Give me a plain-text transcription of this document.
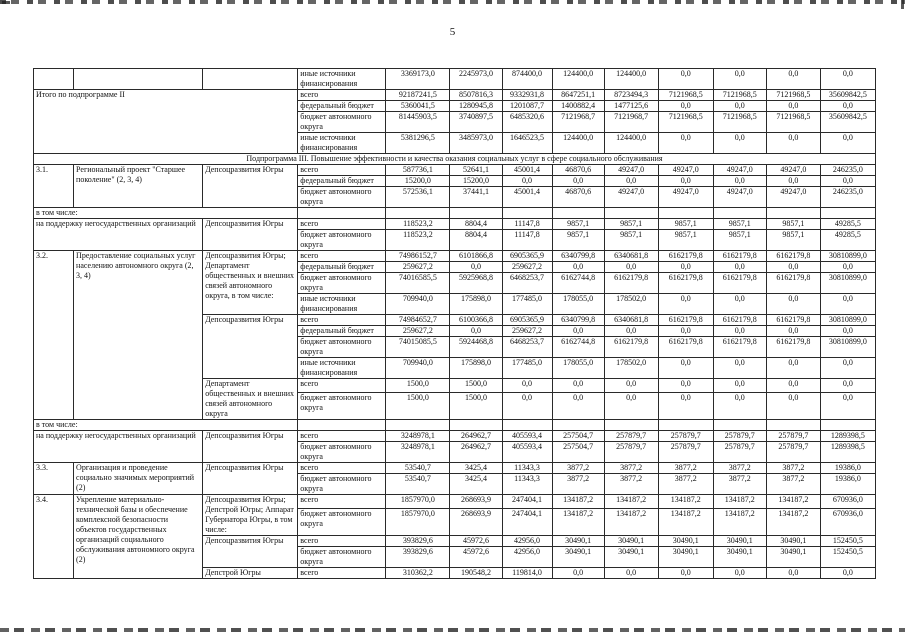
5
			иные источники финансирования	3369173,0	2245973,0	874400,0	124400,0	124400,0	0,0	0,0	0,0	0,0
Итого по подпрограмме II			всего	92187241,5	8507816,3	9332931,8	8647251,1	8723494,3	7121968,5	7121968,5	7121968,5	35609842,5
			федеральный бюджет	5360041,5	1280945,8	1201087,7	1400882,4	1477125,6	0,0	0,0	0,0	0,0
			бюджет автономного округа	81445903,5	3740897,5	6485320,6	7121968,7	7121968,7	7121968,5	7121968,5	7121968,5	35609842,5
			иные источники финансирования	5381296,5	3485973,0	1646523,5	124400,0	124400,0	0,0	0,0	0,0	0,0
Подпрограмма III. Повышение эффективности и качества оказания социальных услуг в сфере социального обслуживания												
3.1.	Региональный проект "Старшее поколение" (2, 3, 4)	Депсоцразвития Югры	всего	587736,1	52641,1	45001,4	46870,6	49247,0	49247,0	49247,0	49247,0	246235,0
			федеральный бюджет	15200,0	15200,0	0,0	0,0	0,0	0,0	0,0	0,0	0,0
			бюджет автономного округа	572536,1	37441,1	45001,4	46870,6	49247,0	49247,0	49247,0	49247,0	246235,0
в том числе:												
на поддержку негосударственных организаций		Депсоцразвития Югры	всего	118523,2	8804,4	11147,8	9857,1	9857,1	9857,1	9857,1	9857,1	49285,5
			бюджет автономного округа	118523,2	8804,4	11147,8	9857,1	9857,1	9857,1	9857,1	9857,1	49285,5
3.2.	Предоставление социальных услуг населению автономного округа (2, 3, 4)	Депсоцразвития Югры; Департамент общественных и внешних связей автономного округа, в том числе:	всего	74986152,7	6101866,8	6905365,9	6340799,8	6340681,8	6162179,8	6162179,8	6162179,8	30810899,0
			федеральный бюджет	259627,2	0,0	259627,2	0,0	0,0	0,0	0,0	0,0	0,0
			бюджет автономного округа	74016585,5	5925968,8	6468253,7	6162744,8	6162179,8	6162179,8	6162179,8	6162179,8	30810899,0
			иные источники финансирования	709940,0	175898,0	177485,0	178055,0	178502,0	0,0	0,0	0,0	0,0
		Депсоцразвития Югры	всего	74984652,7	6100366,8	6905365,9	6340799,8	6340681,8	6162179,8	6162179,8	6162179,8	30810899,0
			федеральный бюджет	259627,2	0,0	259627,2	0,0	0,0	0,0	0,0	0,0	0,0
			бюджет автономного округа	74015085,5	5924468,8	6468253,7	6162744,8	6162179,8	6162179,8	6162179,8	6162179,8	30810899,0
			иные источники финансирования	709940,0	175898,0	177485,0	178055,0	178502,0	0,0	0,0	0,0	0,0
		Департамент общественных и внешних связей автономного округа	всего	1500,0	1500,0	0,0	0,0	0,0	0,0	0,0	0,0	0,0
			бюджет автономного округа	1500,0	1500,0	0,0	0,0	0,0	0,0	0,0	0,0	0,0
в том числе:												
на поддержку негосударственных организаций		Депсоцразвития Югры	всего	3248978,1	264962,7	405593,4	257504,7	257879,7	257879,7	257879,7	257879,7	1289398,5
			бюджет автономного округа	3248978,1	264962,7	405593,4	257504,7	257879,7	257879,7	257879,7	257879,7	1289398,5
3.3.	Организация и проведение социально значимых мероприятий (2)	Депсоцразвития Югры	всего	53540,7	3425,4	11343,3	3877,2	3877,2	3877,2	3877,2	3877,2	19386,0
			бюджет автономного округа	53540,7	3425,4	11343,3	3877,2	3877,2	3877,2	3877,2	3877,2	19386,0
3.4.	Укрепление материально-технической базы и обеспечение комплексной безопасности объектов государственных организаций социального обслуживания автономного округа (2)	Депсоцразвития Югры; Депстрой Югры; Аппарат Губернатора Югры, в том числе:	всего	1857970,0	268693,9	247404,1	134187,2	134187,2	134187,2	134187,2	134187,2	670936,0
			бюджет автономного округа	1857970,0	268693,9	247404,1	134187,2	134187,2	134187,2	134187,2	134187,2	670936,0
		Депсоцразвития Югры	всего	393829,6	45972,6	42956,0	30490,1	30490,1	30490,1	30490,1	30490,1	152450,5
			бюджет автономного округа	393829,6	45972,6	42956,0	30490,1	30490,1	30490,1	30490,1	30490,1	152450,5
		Депстрой Югры	всего	310362,2	190548,2	119814,0	0,0	0,0	0,0	0,0	0,0	0,0
